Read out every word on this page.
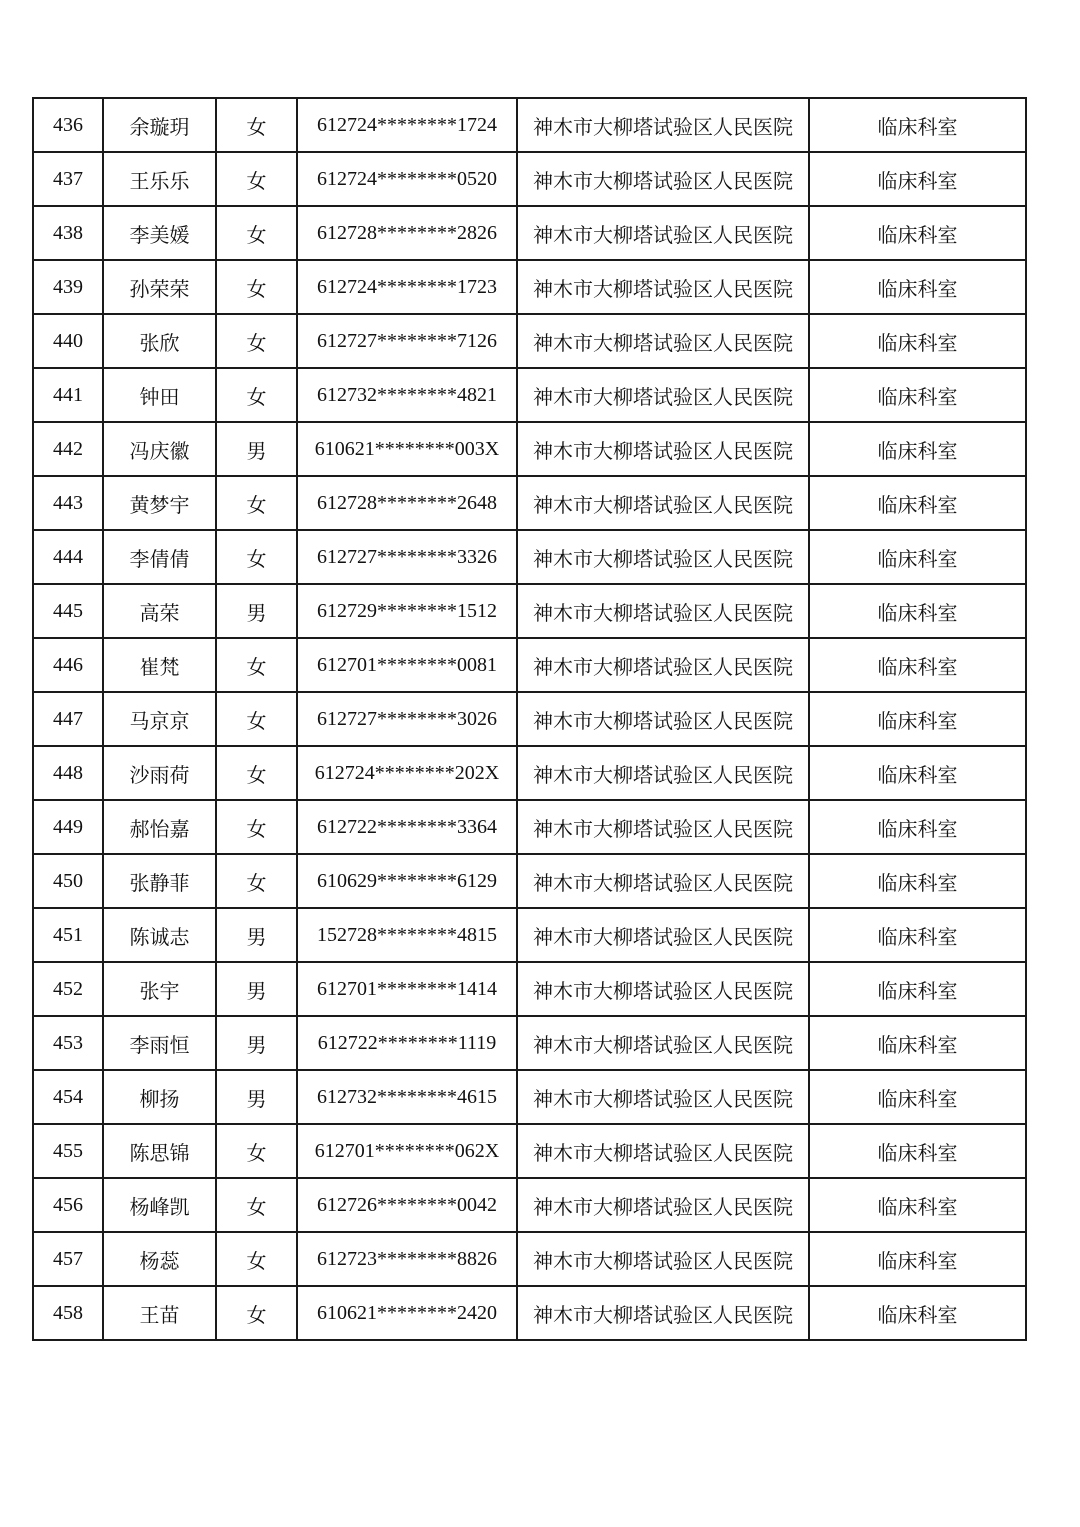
436	余璇玥	女	612724********1724	神木市大柳塔试验区人民医院	临床科室
437	王乐乐	女	612724********0520	神木市大柳塔试验区人民医院	临床科室
438	李美媛	女	612728********2826	神木市大柳塔试验区人民医院	临床科室
439	孙荣荣	女	612724********1723	神木市大柳塔试验区人民医院	临床科室
440	张欣	女	612727********7126	神木市大柳塔试验区人民医院	临床科室
441	钟田	女	612732********4821	神木市大柳塔试验区人民医院	临床科室
442	冯庆徽	男	610621********003X	神木市大柳塔试验区人民医院	临床科室
443	黄梦宇	女	612728********2648	神木市大柳塔试验区人民医院	临床科室
444	李倩倩	女	612727********3326	神木市大柳塔试验区人民医院	临床科室
445	高荣	男	612729********1512	神木市大柳塔试验区人民医院	临床科室
446	崔梵	女	612701********0081	神木市大柳塔试验区人民医院	临床科室
447	马京京	女	612727********3026	神木市大柳塔试验区人民医院	临床科室
448	沙雨荷	女	612724********202X	神木市大柳塔试验区人民医院	临床科室
449	郝怡嘉	女	612722********3364	神木市大柳塔试验区人民医院	临床科室
450	张静菲	女	610629********6129	神木市大柳塔试验区人民医院	临床科室
451	陈诚志	男	152728********4815	神木市大柳塔试验区人民医院	临床科室
452	张宇	男	612701********1414	神木市大柳塔试验区人民医院	临床科室
453	李雨恒	男	612722********1119	神木市大柳塔试验区人民医院	临床科室
454	柳扬	男	612732********4615	神木市大柳塔试验区人民医院	临床科室
455	陈思锦	女	612701********062X	神木市大柳塔试验区人民医院	临床科室
456	杨峰凯	女	612726********0042	神木市大柳塔试验区人民医院	临床科室
457	杨蕊	女	612723********8826	神木市大柳塔试验区人民医院	临床科室
458	王苗	女	610621********2420	神木市大柳塔试验区人民医院	临床科室
